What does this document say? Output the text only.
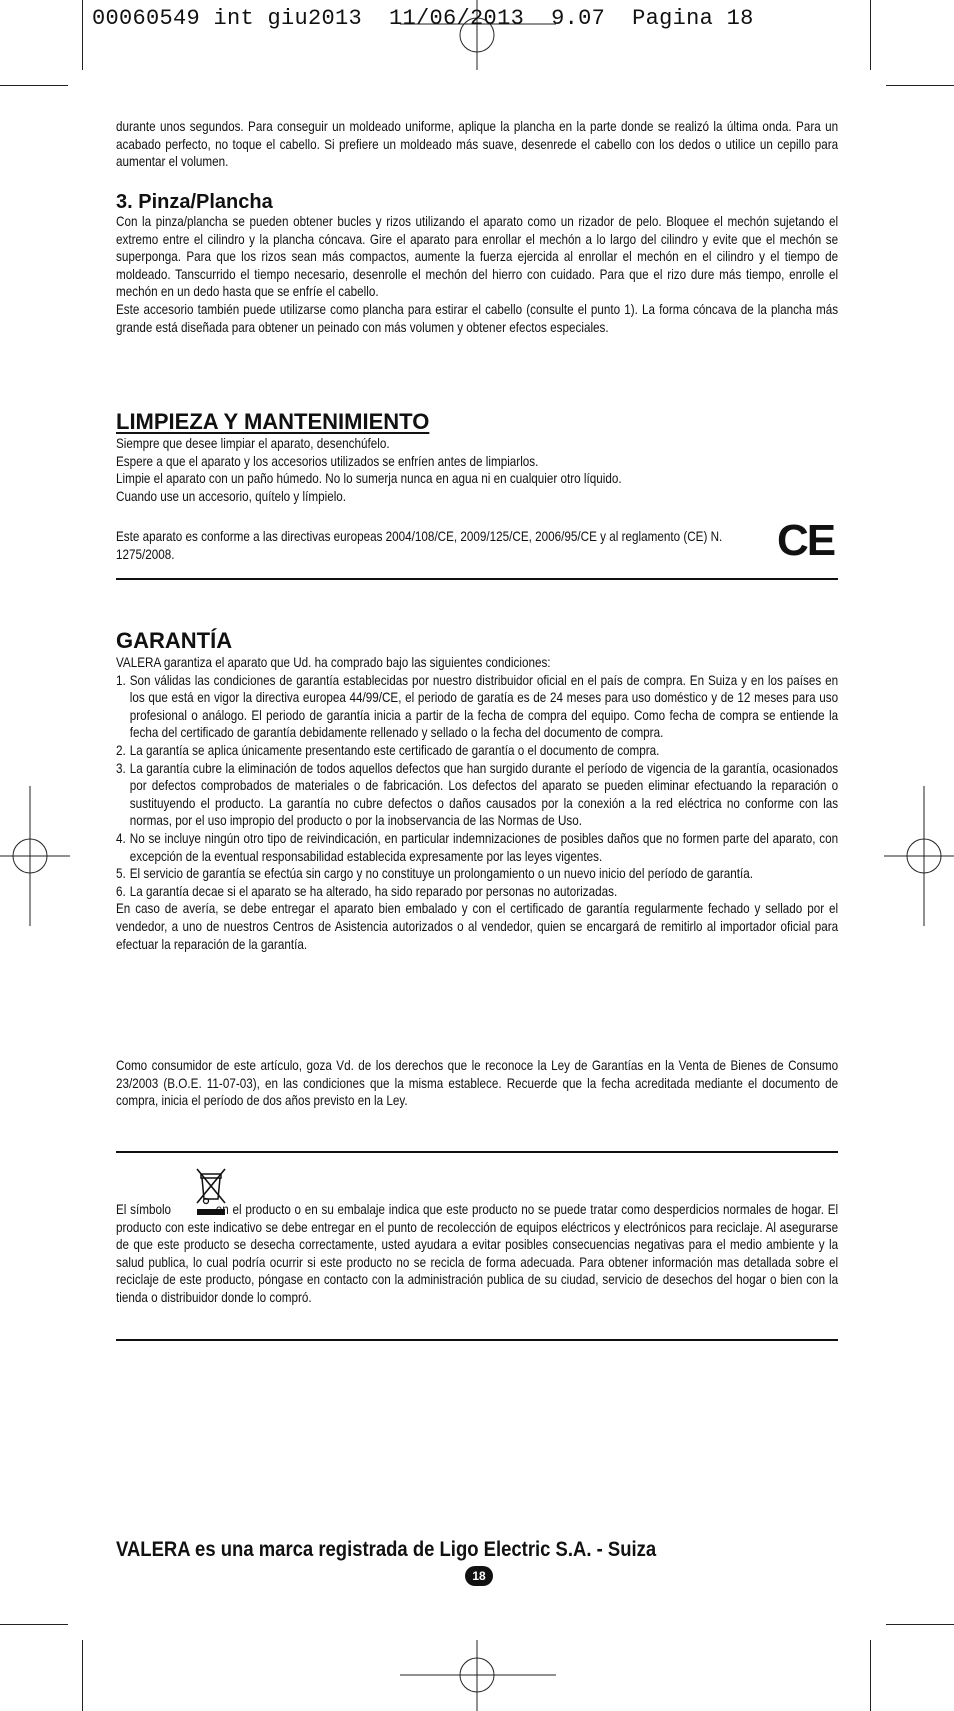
00060549 int giu2013  11/06/2013  9.07  Pagina 18

durante unos segundos. Para conseguir un moldeado uniforme, aplique la plancha en la parte donde se realizó la última onda. Para un acabado perfecto, no toque el cabello. Si prefiere un moldeado más suave, desenrede el cabello con los dedos o utilice un cepillo para aumentar el volumen.

3. Pinza/Plancha

Con la pinza/plancha se pueden obtener bucles y rizos utilizando el aparato como un rizador de pelo. Bloquee el mechón sujetando el extremo entre el cilindro y la plancha cóncava. Gire el aparato para enrollar el mechón a lo largo del cilindro y evite que el mechón se superponga. Para que los rizos sean más compactos, aumente la fuerza ejercida al enrollar el mechón en el cilindro y el tiempo de moldeado. Tanscurrido el tiempo necesario, desenrolle el mechón del hierro con cuidado. Para que el rizo dure más tiempo, enrolle el mechón en un dedo hasta que se enfríe el cabello.

Este accesorio también puede utilizarse como plancha para estirar el cabello (consulte el punto 1). La forma cóncava de la plancha más grande está diseñada para obtener un peinado con más volumen y obtener efectos especiales.

LIMPIEZA Y MANTENIMIENTO

Siempre que desee limpiar el aparato, desenchúfelo.

Espere a que el aparato y los accesorios utilizados se enfríen antes de limpiarlos.

Limpie el aparato con un paño húmedo. No lo sumerja nunca en agua ni en cualquier otro líquido.

Cuando use un accesorio, quítelo y límpielo.

Este aparato es conforme a las directivas europeas 2004/108/CE, 2009/125/CE, 2006/95/CE y al reglamento (CE) N. 1275/2008.	CE
GARANTÍA

VALERA garantiza el aparato que Ud. ha comprado bajo las siguientes condiciones:

1. Son válidas las condiciones de garantía establecidas por nuestro distribuidor oficial en el país de compra. En Suiza y en los países en los que está en vigor la directiva europea 44/99/CE, el periodo de garatía es de 24 meses para uso doméstico y de 12 meses para uso profesional o análogo. El periodo de garantía inicia a partir de la fecha de compra del equipo. Como fecha de compra se entiende la fecha del certificado de garantía debidamente rellenado y sellado o la fecha del documento de compra.
2. La garantía se aplica únicamente presentando este certificado de garantía o el documento de compra.
3. La garantía cubre la eliminación de todos aquellos defectos que han surgido durante el período de vigencia de la garantía, ocasionados por defectos comprobados de materiales o de fabricación. Los defectos del aparato se pueden eliminar efectuando la reparación o sustituyendo el producto. La garantía no cubre defectos o daños causados por la conexión a la red eléctrica no conforme con las normas, por el uso impropio del producto o por la inobservancia de las Normas de Uso.
4. No se incluye ningún otro tipo de reivindicación, en particular indemnizaciones de posibles daños que no formen parte del aparato, con excepción de la eventual responsabilidad establecida expresamente por las leyes vigentes.
5. El servicio de garantía se efectúa sin cargo y no constituye un prolongamiento o un nuevo inicio del período de garantía.
6. La garantía decae si el aparato se ha alterado, ha sido reparado por personas no autorizadas.

En caso de avería, se debe entregar el aparato bien embalado y con el certificado de garantía regularmente fechado y sellado por el vendedor, a uno de nuestros Centros de Asistencia autorizados o al vendedor, quien se encargará de remitirlo al importador oficial para efectuar la reparación de la garantía.

Como consumidor de este artículo, goza Vd. de los derechos que le reconoce la Ley de Garantías en la Venta de Bienes de Consumo 23/2003 (B.O.E. 11-07-03), en las condiciones que la misma establece. Recuerde que la fecha acreditada mediante el documento de compra, inicia el período de dos años previsto en la Ley.

El símbolo	en el producto o en su embalaje indica que este producto no se puede tratar como desperdicios normales de hogar. El producto con este indicativo se debe entregar en el punto de recolección de equipos eléctricos y electrónicos para reciclaje. Al asegurarse de que este producto se desecha correctamente, usted ayudara a evitar posibles consecuencias negativas para el medio ambiente y la salud publica, lo cual podría ocurrir si este producto no se recicla de forma adecuada. Para obtener información mas detallada sobre el reciclaje de este producto, póngase en contacto con la administración publica de su ciudad, servicio de desechos del hogar o bien con la tienda o distribuidor donde lo compró.

VALERA es una marca registrada de Ligo Electric S.A. - Suiza
18
